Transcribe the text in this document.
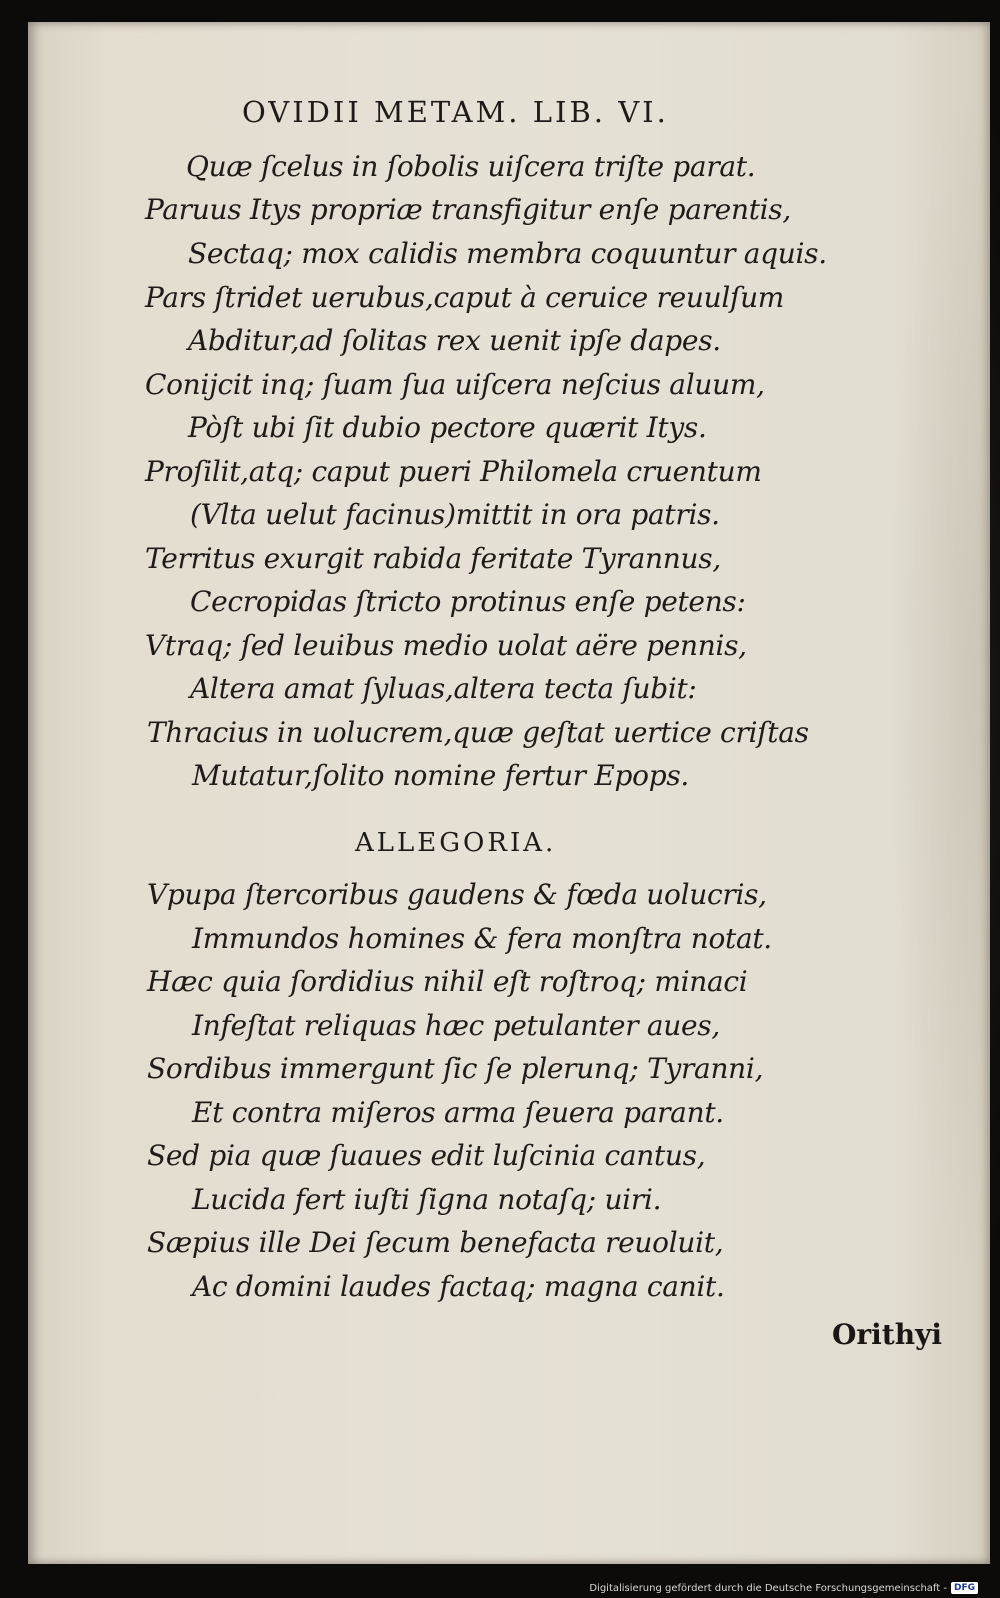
OVIDII METAM. LIB. VI.
Quæ ſcelus in ſobolis uiſcera triſte parat.
Paruus Itys propriæ transfigitur enſe parentis,
Sectaq; mox calidis membra coquuntur aquis.
Pars ſtridet uerubus,caput à ceruice reuulſum
Abditur,ad ſolitas rex uenit ipſe dapes.
Conijcit inq; ſuam ſua uiſcera neſcius aluum,
Pòſt ubi ſit dubio pectore quærit Itys.
Proſilit,atq; caput pueri Philomela cruentum
(Vlta uelut facinus)mittit in ora patris.
Territus exurgit rabida feritate Tyrannus,
Cecropidas ſtricto protinus enſe petens:
Vtraq; ſed leuibus medio uolat aëre pennis,
Altera amat ſyluas,altera tecta ſubit:
Thracius in uolucrem,quæ geſtat uertice criſtas
Mutatur,ſolito nomine fertur Epops.
ALLEGORIA.
Vpupa ſtercoribus gaudens & fœda uolucris,
Immundos homines & fera monſtra notat.
Hæc quia ſordidius nihil eſt roſtroq; minaci
Infeſtat reliquas hæc petulanter aues,
Sordibus immergunt ſic ſe plerunq; Tyranni,
Et contra miſeros arma ſeuera parant.
Sed pia quæ ſuaues edit luſcinia cantus,
Lucida fert iuſti ſigna notaſq; uiri.
Sæpius ille Dei ſecum benefacta reuoluit,
Ac domini laudes factaq; magna canit.
Orithyi
Digitalisierung gefördert durch die Deutsche Forschungsgemeinschaft - DFG
